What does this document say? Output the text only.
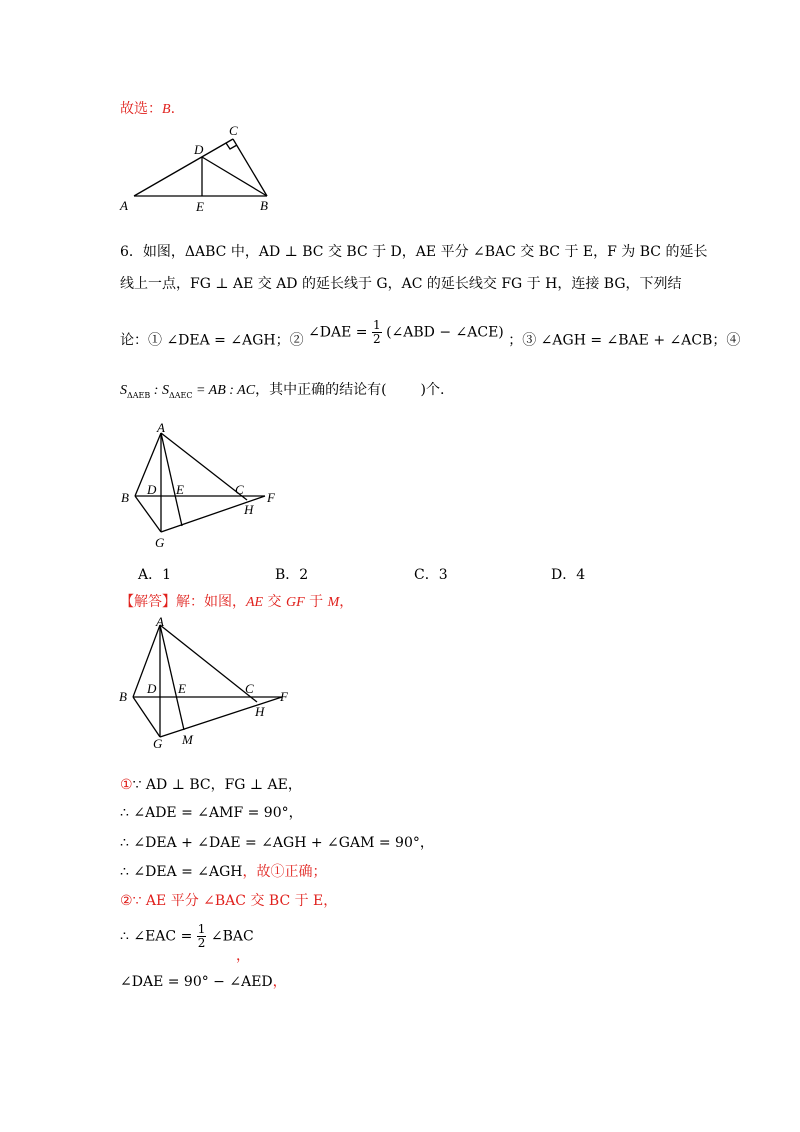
故选：B.
A	B
C
D
E
6．如图，ΔABC 中，AD ⊥ BC 交 BC 于 D，AE 平分 ∠BAC 交 BC 于 E，F 为 BC 的延长
线上一点，FG ⊥ AE 交 AD 的延长线于 G，AC 的延长线交 FG 于 H，连接 BG，下列结
论：① ∠DEA = ∠AGH；② ∠DAE = $\frac{1}{2}$ (∠ABD − ∠ACE) ；③ ∠AGH = ∠BAE + ∠ACB；④
$S_{\Delta AEB}$ : $S_{\Delta AEC}$ = AB : AC，其中正确的结论有( )个.
A
B
D E	C
F
H
G
A．1	B．2	C．3	D．4
【解答】解：如图，AE 交 GF 于 M，
A
B
D E	C
F
H
G M
①∵ AD ⊥ BC，FG ⊥ AE，
∴ ∠ADE = ∠AMF = 90°，
∴ ∠DEA + ∠DAE = ∠AGH + ∠GAM = 90°，
∴ ∠DEA = ∠AGH，故①正确；
②∵ AE 平分 ∠BAC 交 BC 于 E，
∴ ∠EAC = $\frac{1}{2}$ ∠BAC
，
∠DAE = 90° − ∠AED，
